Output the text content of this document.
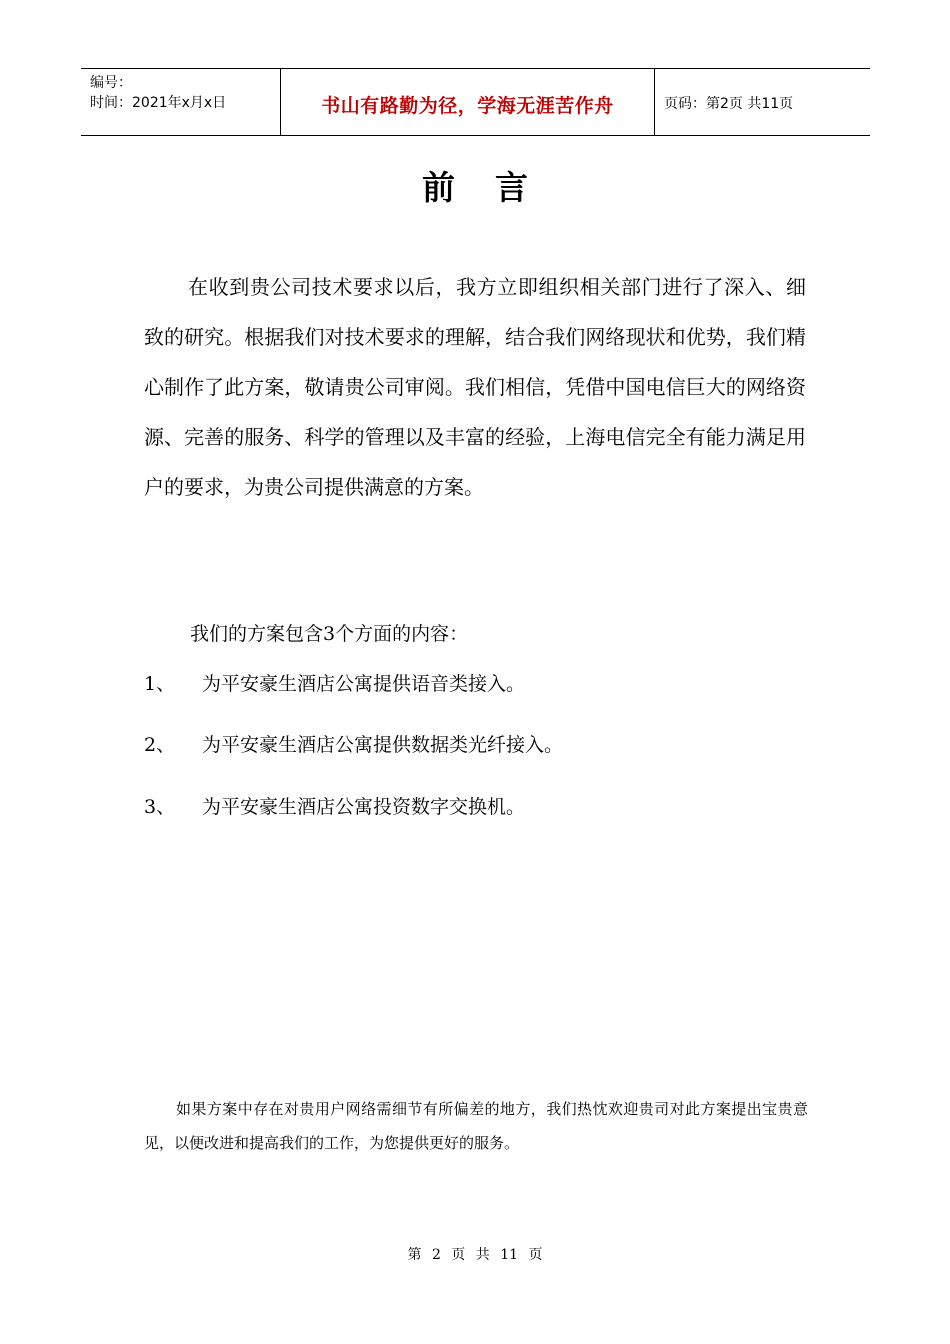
编号：
时间：2021年x月x日	书山有路勤为径，学海无涯苦作舟	页码：第2页 共11页
前言

在收到贵公司技术要求以后，我方立即组织相关部门进行了深入、细致的研究。根据我们对技术要求的理解，结合我们网络现状和优势，我们精心制作了此方案，敬请贵公司审阅。我们相信，凭借中国电信巨大的网络资源、完善的服务、科学的管理以及丰富的经验，上海电信完全有能力满足用户的要求，为贵公司提供满意的方案。

我们的方案包含3个方面的内容：

1、 为平安豪生酒店公寓提供语音类接入。

2、 为平安豪生酒店公寓提供数据类光纤接入。

3、 为平安豪生酒店公寓投资数字交换机。

如果方案中存在对贵用户网络需细节有所偏差的地方，我们热忱欢迎贵司对此方案提出宝贵意见，以便改进和提高我们的工作，为您提供更好的服务。

第 2 页 共 11 页
